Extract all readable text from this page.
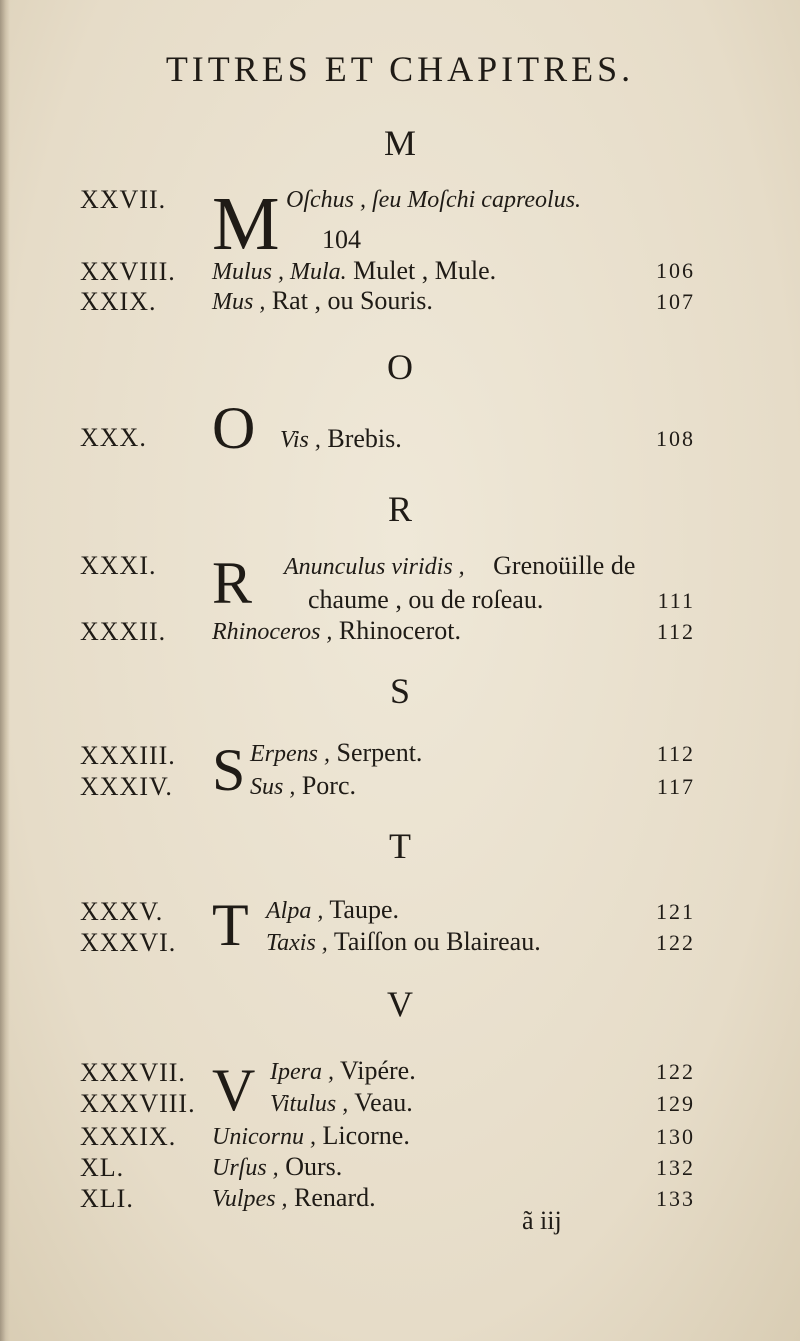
TITRES ET CHAPITRES.
M
XXVII. M Oſchus , ſeu Moſchi capreolus.
104
XXVIII. Mulus , Mula. Mulet , Mule.	106
XXIX. Mus , Rat , ou Souris.	107
O
XXX. O Vis , Brebis.	108
R
XXXI. R Anunculus viridis , Grenoüille de
chaume , ou de roſeau.	111
XXXII. Rhinoceros , Rhinocerot.	112
S
XXXIII. S Erpens , Serpent.	112
XXXIV.	Sus , Porc.	117
T
XXXV. T Alpa , Taupe.	121
XXXVI.	Taxis , Taiſſon ou Blaireau.	122
V
XXXVII. V Ipera , Vipére.	122
XXXVIII.	Vitulus , Veau.	129
XXXIX. Unicornu , Licorne.	130
XL.	Urſus , Ours.	132
XLI.	Vulpes , Renard.	133
ã iij
